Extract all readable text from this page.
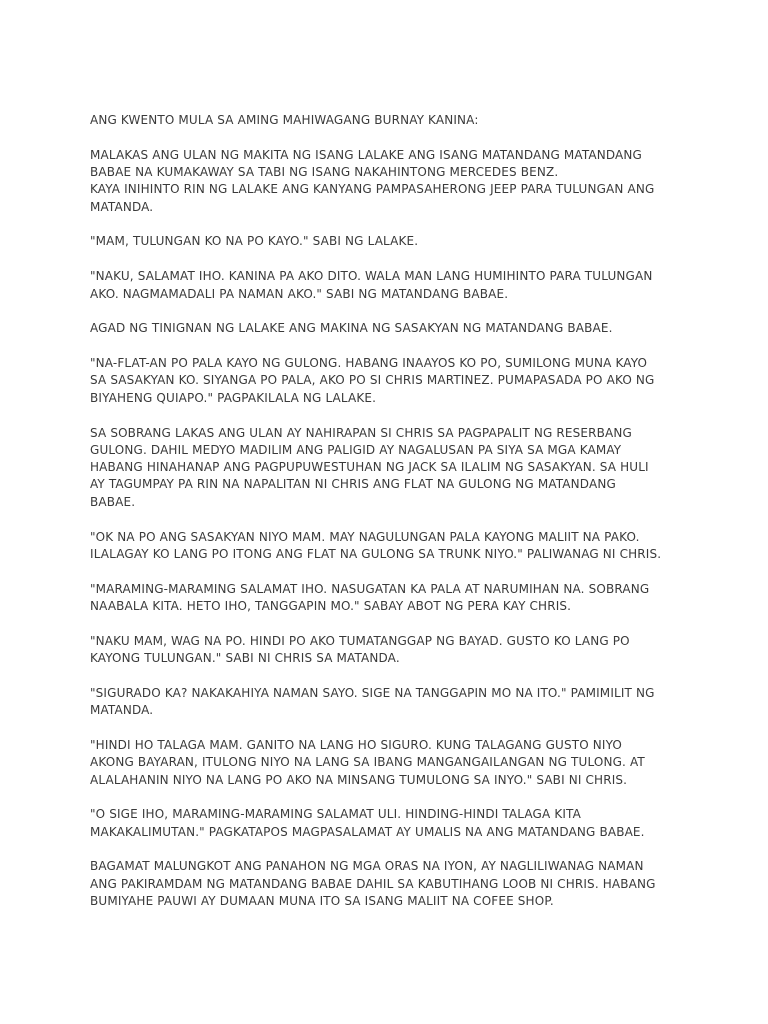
ANG KWENTO MULA SA AMING MAHIWAGANG BURNAY KANINA:

MALAKAS ANG ULAN NG MAKITA NG ISANG LALAKE ANG ISANG MATANDANG MATANDANG
BABAE NA KUMAKAWAY SA TABI NG ISANG NAKAHINTONG MERCEDES BENZ.
KAYA INIHINTO RIN NG LALAKE ANG KANYANG PAMPASAHERONG JEEP PARA TULUNGAN ANG
MATANDA.

"MAM, TULUNGAN KO NA PO KAYO." SABI NG LALAKE.

"NAKU, SALAMAT IHO. KANINA PA AKO DITO. WALA MAN LANG HUMIHINTO PARA TULUNGAN
AKO. NAGMAMADALI PA NAMAN AKO." SABI NG MATANDANG BABAE.

AGAD NG TINIGNAN NG LALAKE ANG MAKINA NG SASAKYAN NG MATANDANG BABAE.

"NA-FLAT-AN PO PALA KAYO NG GULONG. HABANG INAAYOS KO PO, SUMILONG MUNA KAYO
SA SASAKYAN KO. SIYANGA PO PALA, AKO PO SI CHRIS MARTINEZ. PUMAPASADA PO AKO NG
BIYAHENG QUIAPO." PAGPAKILALA NG LALAKE.

SA SOBRANG LAKAS ANG ULAN AY NAHIRAPAN SI CHRIS SA PAGPAPALIT NG RESERBANG
GULONG. DAHIL MEDYO MADILIM ANG PALIGID AY NAGALUSAN PA SIYA SA MGA KAMAY
HABANG HINAHANAP ANG PAGPUPUWESTUHAN NG JACK SA ILALIM NG SASAKYAN. SA HULI
AY TAGUMPAY PA RIN NA NAPALITAN NI CHRIS ANG FLAT NA GULONG NG MATANDANG
BABAE.

"OK NA PO ANG SASAKYAN NIYO MAM. MAY NAGULUNGAN PALA KAYONG MALIIT NA PAKO.
ILALAGAY KO LANG PO ITONG ANG FLAT NA GULONG SA TRUNK NIYO." PALIWANAG NI CHRIS.

"MARAMING-MARAMING SALAMAT IHO. NASUGATAN KA PALA AT NARUMIHAN NA. SOBRANG
NAABALA KITA. HETO IHO, TANGGAPIN MO." SABAY ABOT NG PERA KAY CHRIS.

"NAKU MAM, WAG NA PO. HINDI PO AKO TUMATANGGAP NG BAYAD. GUSTO KO LANG PO
KAYONG TULUNGAN." SABI NI CHRIS SA MATANDA.

"SIGURADO KA? NAKAKAHIYA NAMAN SAYO. SIGE NA TANGGAPIN MO NA ITO." PAMIMILIT NG
MATANDA.

"HINDI HO TALAGA MAM. GANITO NA LANG HO SIGURO. KUNG TALAGANG GUSTO NIYO
AKONG BAYARAN, ITULONG NIYO NA LANG SA IBANG MANGANGAILANGAN NG TULONG. AT
ALALAHANIN NIYO NA LANG PO AKO NA MINSANG TUMULONG SA INYO." SABI NI CHRIS.

"O SIGE IHO, MARAMING-MARAMING SALAMAT ULI. HINDING-HINDI TALAGA KITA
MAKAKALIMUTAN." PAGKATAPOS MAGPASALAMAT AY UMALIS NA ANG MATANDANG BABAE.

BAGAMAT MALUNGKOT ANG PANAHON NG MGA ORAS NA IYON, AY NAGLILIWANAG NAMAN
ANG PAKIRAMDAM NG MATANDANG BABAE DAHIL SA KABUTIHANG LOOB NI CHRIS. HABANG
BUMIYAHE PAUWI AY DUMAAN MUNA ITO SA ISANG MALIIT NA COFEE SHOP.
